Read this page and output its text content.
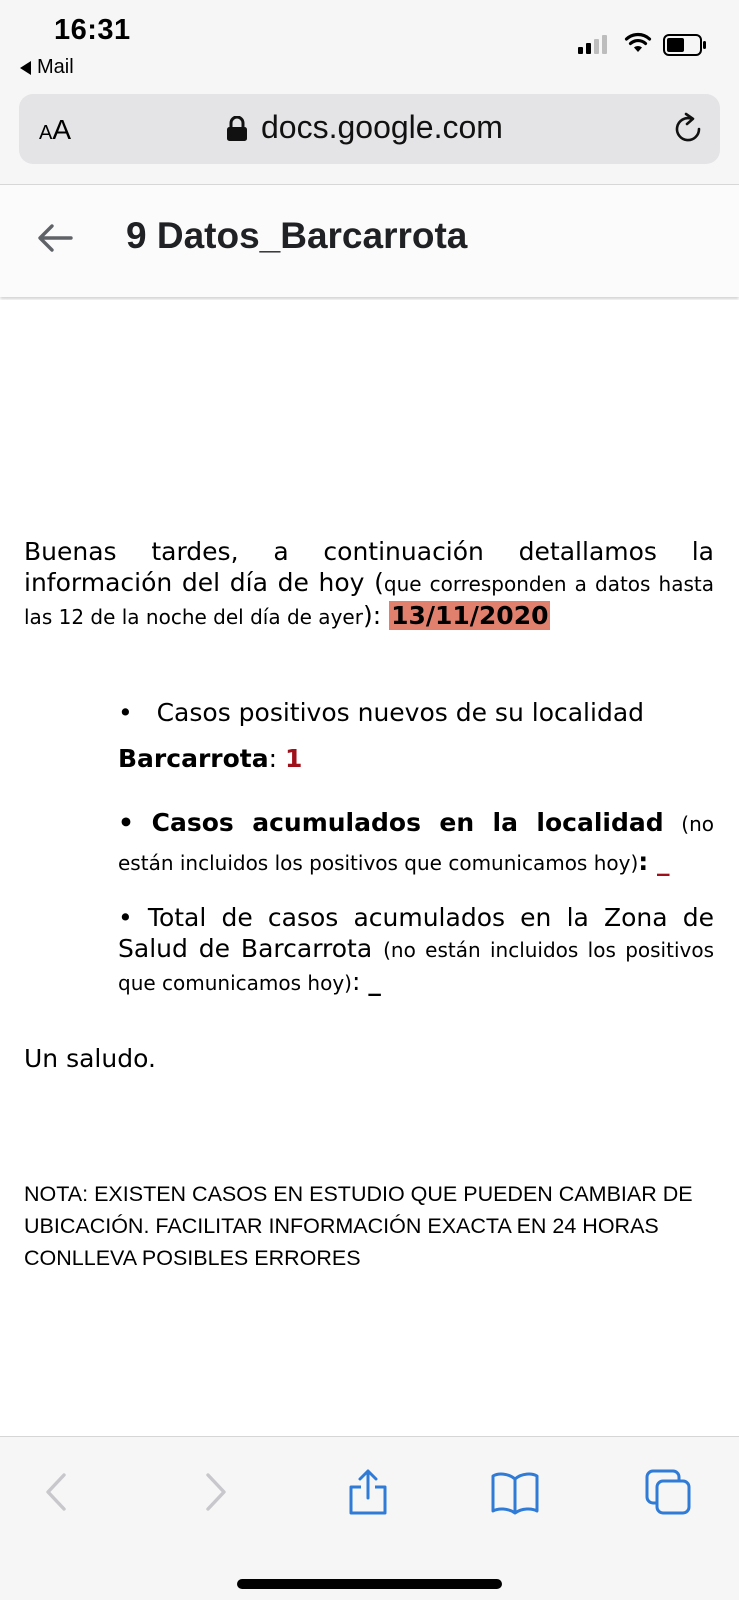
16:31
Mail
AA	docs.google.com
9 Datos_Barcarrota

Buenas tardes, a continuación detallamos la información del día de hoy (que corresponden a datos hasta las 12 de la noche del día de ayer): 13/11/2020

• Casos positivos nuevos de su localidad
Barcarrota: 1

• Casos acumulados en la localidad (no están incluidos los positivos que comunicamos hoy): _

• Total de casos acumulados en la Zona de Salud de Barcarrota (no están incluidos los positivos que comunicamos hoy): _

Un saludo.

NOTA: EXISTEN CASOS EN ESTUDIO QUE PUEDEN CAMBIAR DE UBICACIÓN. FACILITAR INFORMACIÓN EXACTA EN 24 HORAS CONLLEVA POSIBLES ERRORES
